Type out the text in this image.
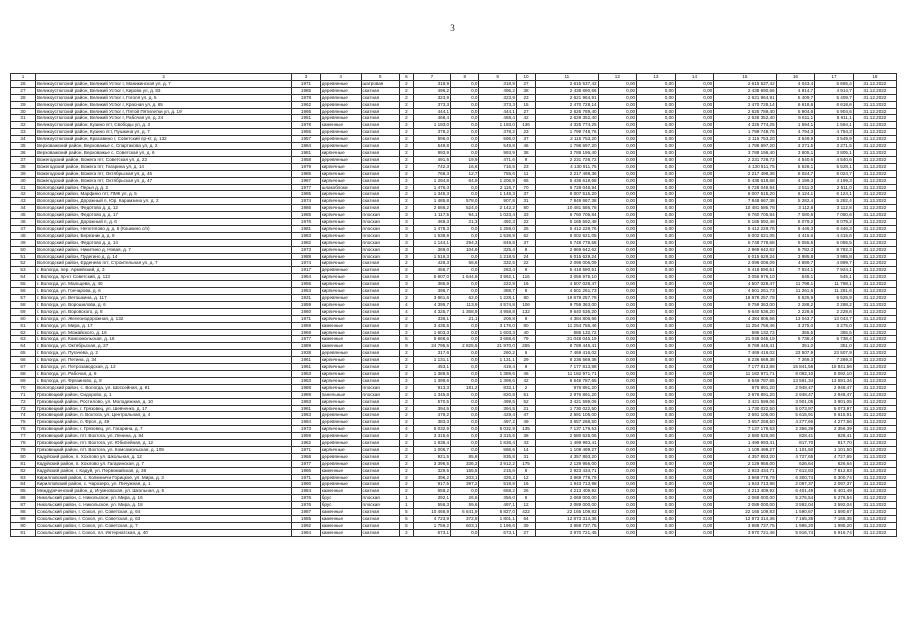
3
1	2	3	4	5	6	7	8	9	10	11	12	13	14	15	16	17	18
26	Великоустюгский район, Великий Устюг г, Маникинская ул, д. 7	1971	деревянные	шатровая	2	318,9	0,0	318,9	27	2 615 537,42	0,00	0,00	0,00	2 615 537,42	4 043,4	5 665,4	31.12.2022
27	Великоустюгский район, Великий Устюг г, Кирова ул, д. 83	1985	деревянные	скатная	2	496,2	0,0	496,2	38	2 438 690,66	0,00	0,00	0,00	2 438 690,66	4 914,7	4 914,7	31.12.2022
28	Великоустюгский район, Великий Устюг г, Гоголя ул, д. 5	1978	деревянные	скатная	2	323,9	0,0	323,9	23	2 621 964,91	0,00	0,00	0,00	2 621 964,91	5 409,7	5 409,7	31.12.2022
29	Великоустюгский район, Великий Устюг г, Красная ул, д. 65	1962	деревянные	скатная	2	373,3	0,0	373,3	15	2 470 728,14	0,00	0,00	0,00	2 470 728,14	6 618,6	6 618,6	31.12.2022
30	Великоустюгский район, Великий Устюг г, Пятой Пятилетки ул, д. 19	1966	деревянные	скатная	2	444,1	0,0	444,1	27	2 625 789,40	0,00	0,00	0,00	2 625 789,40	5 904,6	5 904,6	31.12.2022
31	Великоустюгский район, Великий Устюг г, Рабочая ул, д. 24	1951	деревянные	скатная	2	468,4	0,0	468,4	42	2 628 352,40	0,00	0,00	0,00	2 628 352,40	5 611,1	5 611,1	31.12.2022
32	Великоустюгский район, Кузино пгт, Свободы ул, д. 3	1978	каменные	скатная	2	1 193,0	0,0	1 193,0	136	4 325 774,25	0,00	0,00	0,00	4 325 774,25	1 594,1	1 594,1	31.12.2022
33	Великоустюгский район, Кузино пгт, Пушкина ул, д. 7	1955	деревянные	скатная	2	378,2	0,0	378,2	23	1 799 748,76	0,00	0,00	0,00	1 799 748,76	4 794,3	4 794,3	31.12.2022
34	Великоустюгский район, Красавино г, Советский пр-кт, д. 132	1957	деревянные	скатная	2	596,0	0,0	596,0	37	2 115 753,20	0,00	0,00	0,00	2 115 753,20	3 549,9	3 549,9	31.12.2022
35	Верховажский район, Верховажье с, Спартакова ул, д. 2	1984	деревянные	скатная	2	549,8	0,0	549,8	46	1 798 697,20	0,00	0,00	0,00	1 798 697,20	3 271,5	3 271,5	31.12.2022
36	Верховажский район, Верховажье с, Советская ул, д. 6	1981	кирпичные	скатная	2	993,9	0,0	993,9	38	3 788 196,40	0,00	0,00	0,00	3 788 196,40	3 805,1	3 805,1	31.12.2022
37	Вожегодский район, Вожега пгт, Советская ул, д. 22	1958	деревянные	скатная	2	491,5	19,9	471,6	9	2 231 726,72	0,00	0,00	0,00	2 231 726,72	4 540,6	4 540,6	31.12.2022
38	Вожегодский район, Вожега пгт, Гагарина ул, д. 14	1979	кирпичные	скатная	2	742,3	16,6	716,5	23	4 130 811,75	0,00	0,00	0,00	4 130 811,75	5 528,1	5 528,1	31.12.2022
39	Вожегодский район, Вожега пгт, Октябрьская ул, д. 45	1985	кирпичные	скатная	2	768,3	12,7	755,6	11	2 217 498,36	0,00	0,00	0,00	2 217 498,36	6 024,7	6 024,7	31.12.2022
40	Вожегодский район, Вожега пгт, Октябрьская ул, д. 47	1987	кирпичные	скатная	2	1 294,8	64,9	1 206,9	65	5 436 618,68	0,00	0,00	0,00	5 436 618,68	4 199,3	4 199,3	31.12.2022
41	Вологодский район, Перья д, д. 2	1977	шлакоблоки	скатная	2	1 476,3	0,0	2 116,7	70	6 728 048,94	0,00	0,00	0,00	6 728 048,94	2 511,0	2 511,0	31.12.2022
42	Вологодский район, Марфино пгт, ПМК ул, д. 5	1985	кирпичные	скатная	2	1 345,3	0,0	1 148,3	37	8 007 515,20	0,00	0,00	0,00	8 007 515,20	6 124,1	6 124,1	31.12.2022
43	Вологодский район, Дорожный п, Юр. Карамзина ул, д. 2	1974	кирпичные	скатная	2	1 485,8	578,0	907,8	31	7 848 667,38	0,00	0,00	0,00	7 848 667,38	5 282,4	5 282,4	31.12.2022
44	Вологодский район, Федотово д, д. 12	1986	кирпичные	скатная	2	2 566,2	524,0	2 142,2	80	10 481 586,78	0,00	0,00	0,00	10 481 586,78	3 112,8	3 112,8	31.12.2022
45	Вологодский район, Федотово д, д. 17	1985	кирпичные	плоская	3	1 117,5	94,1	1 023,4	33	6 760 705,84	0,00	0,00	0,00	6 760 705,84	7 080,6	7 080,6	31.12.2022
46	Вологодский район, Дорожный п, д. 6	1976	кирпичные	плоская	3	469,3	21,3	492,3	22	5 165 592,48	0,00	0,00	0,00	5 165 592,48	6 079,2	6 079,2	31.12.2022
47	Вологодский район, Непотягово д, д. 6 (Кошкино с/п)	1981	кирпичные	плоская	3	1 478,3	0,0	1 259,0	25	5 412 229,76	0,00	0,00	0,00	5 412 229,76	6 446,3	6 446,3	31.12.2022
48	Вологодский район, Березник д, д. 9	1983	кирпичные	плоская	3	1 538,9	0,0	1 538,9	62	6 002 621,05	0,00	0,00	0,00	6 002 621,05	4 415,6	4 415,6	31.12.2022
49	Вологодский район, Федотово д, д. 14	1982	кирпичные	плоская	3	1 144,1	294,3	849,8	37	5 748 778,68	0,00	0,00	0,00	5 748 778,68	5 055,5	5 055,5	31.12.2022
50	Вологодский район, Никитино д, Новая, д. 7	1973	кирпичные	плоская	3	369,0	104,6	325,4	8	2 969 642,62	0,00	0,00	0,00	2 969 642,62	8 782,3	8 782,3	31.12.2022
51	Вологодский район, Пудегино д, д. 14	1988	кирпичные	плоская	3	1 516,3	0,0	1 218,5	24	6 015 629,24	0,00	0,00	0,00	6 015 629,24	3 985,8	3 985,8	31.12.2022
52	Вологодский район, Ерденево пгт, Строительная ул, д. 7	1974	кирпичные	скатная	2	428,3	56,6	332,5	22	2 098 006,09	0,00	0,00	0,00	2 098 006,09	4 899,7	4 899,7	31.12.2022
53	г. Вологда, пер. Армейский, д. 3	1917	деревянные	скатная	2	456,7	0,0	263,4	6	5 418 590,51	0,00	0,00	0,00	5 418 590,51	7 924,1	7 924,1	31.12.2022
54	г. Вологда, пр-кт Советский, д. 113	1954	кирпичные	скатная	3	5 607,0	1 644,8	3 962,1	116	3 056 976,10	0,00	0,00	0,00	3 056 976,10	545,1	545,1	31.12.2022
55	г. Вологда, ул. Мальцева, д. 40	1955	кирпичные	скатная	3	385,9	0,0	222,9	16	4 507 028,47	0,00	0,00	0,00	4 507 028,47	11 798,1	11 798,1	31.12.2022
56	г. Вологда, ул. Гончарова, д. 6	1953	кирпичные	скатная	2	396,7	0,0	388,7	8	4 501 261,73	0,00	0,00	0,00	4 501 261,73	11 261,6	11 261,6	31.12.2022
57	г. Вологда, ул. Ветошкина, д. 117	1931	деревянные	скатная	2	3 861,6	62,0	1 228,1	80	19 879 257,78	0,00	0,00	0,00	19 879 257,78	6 525,9	6 525,9	31.12.2022
58	г. Вологда, ул. Ворошилова, д. 6	1959	кирпичные	скатная	4	4 395,7	113,9	4 574,8	106	9 759 363,00	0,00	0,00	0,00	9 759 363,00	2 288,2	2 288,2	31.12.2022
59	г. Вологда, ул. Воровского, д. 8	1960	кирпичные	скатная	4	4 325,7	1 368,9	4 958,8	132	9 640 536,20	0,00	0,00	0,00	9 640 536,20	2 228,6	2 228,6	31.12.2022
60	г. Вологда, ул. Железнодорожная, д. 132	1971	кирпичные	скатная	2	336,1	21,1	206,8	8	4 384 806,66	0,00	0,00	0,00	4 384 806,66	13 043,7	13 043,7	31.12.2022
61	г. Вологда, ул. Мира, д. 17	1959	каменные	скатная	2	3 435,5	0,0	3 176,0	80	11 254 756,46	0,00	0,00	0,00	11 254 756,46	3 275,0	3 275,0	31.12.2022
62	г. Вологда, ул. Можайского, д. 16	1969	кирпичные	скатная	2	1 603,3	0,0	1 603,3	40	586 132,72	0,00	0,00	0,00	586 132,72	365,5	365,5	31.12.2022
63	г. Вологда, ул. Комсомольская, д. 16	1977	каменные	скатная	5	5 668,6	0,0	3 668,6	79	21 048 045,19	0,00	0,00	0,00	21 048 045,19	5 738,4	5 738,4	31.12.2022
64	г. Вологда, ул. Октябрьская, д. 27	1989	каменные	скатная	9	24 795,5	2 825,5	21 970,0	255	8 789 445,41	0,00	0,00	0,00	8 789 445,41	351,0	351,0	31.12.2022
65	г. Вологда, ул. Пугачева, д. 2	1938	деревянные	скатная	2	317,6	0,0	260,2	6	7 469 416,02	0,00	0,00	0,00	7 469 416,02	23 507,9	23 507,9	31.12.2022
66	г. Вологда, ул. Петина, д. 34	1961	кирпичные	скатная	2	1 131,1	0,0	1 131,1	29	8 236 569,38	0,00	0,00	0,00	8 236 569,38	7 269,3	7 269,3	31.12.2022
67	г. Вологда, ул. Петрозаводская, д. 12	1961	кирпичные	скатная	2	453,1	0,0	419,4	8	7 177 813,88	0,00	0,00	0,00	7 177 813,88	15 841,56	15 841,56	31.12.2022
68	г. Вологда, ул. Рабочая, д. 9	1953	кирпичные	скатная	2	1 389,5	0,0	1 389,5	46	11 182 971,71	0,00	0,00	0,00	11 182 971,71	8 092,10	8 092,10	31.12.2022
69	г. Вологда, ул. Фрязиново, д. 8	1953	кирпичные	скатная	2	1 399,6	0,0	1 399,6	42	6 549 787,65	0,00	0,00	0,00	6 549 787,65	13 591,34	13 591,34	31.12.2022
70	Вологодский район, с. Вологда, ул. Шоссейная, д. 91	1988	кирпичные	плоская	2	913,3	181,2	832,1	2	976 891,20	0,00	0,00	0,00	976 891,20	2 948,47	2 948,47	31.12.2022
71	Грязовецкий район, Сидорово, д. 1	1989	панельные	плоская	2	1 345,8	0,0	820,8	61	2 976 891,20	0,00	0,00	0,00	2 976 891,20	2 948,47	2 948,47	31.12.2022
72	Грязовецкий район, Ростилово, ул. Молодежная, д. 10	1983	кирпичные	скатная	2	570,5	0,0	499,5	52	3 421 599,06	0,00	0,00	0,00	3 421 599,06	3 901,05	3 901,05	31.12.2022
73	Грязовецкий район, г. Грязовец, ул. Шевченко, д. 17	1961	кирпичные	скатная	2	394,5	0,0	394,5	21	1 730 022,50	0,00	0,00	0,00	1 730 022,50	5 073,97	5 073,97	31.12.2022
74	Грязовецкий район, п. Вохтога, ул. Центральная, д. 4	1963	деревянные	скатная	2	479,2	0,0	429,4	47	2 691 105,00	0,00	0,00	0,00	2 691 105,00	5 615,91	5 615,91	31.12.2022
75	Грязовецкий район, п. Фрол, д. 49	1984	деревянные	скатная	2	383,3	0,0	497,2	49	3 657 268,50	0,00	0,00	0,00	3 657 268,50	4 277,66	4 277,66	31.12.2022
76	Грязовецкий район, г. Грязовец, ул. Гагарина, д. 7	1973	кирпичные	скатная	4	5 032,9	0,0	5 032,9	135	7 137 179,53	0,00	0,00	0,00	7 137 179,53	2 356,39	2 356,39	31.12.2022
77	Грязовецкий район, пгт. Вохтога, ул. Ленина, д. 84	1959	деревянные	скатная	2	3 315,6	0,0	3 315,6	38	2 580 625,06	0,00	0,00	0,00	2 580 625,06	828,41	828,41	31.12.2022
78	Грязовецкий район, пгт. Вохтога, ул. Юбилейная, д. 12	1962	деревянные	скатная	2	1 836,4	0,0	1 836,4	43	1 499 993,41	0,00	0,00	0,00	1 499 993,41	817,70	817,70	31.12.2022
79	Грязовецкий район, пгт. Вохтога, ул. Комсомольская, д. 109	1971	кирпичные	скатная	2	1 006,7	0,0	586,6	14	1 108 499,27	0,00	0,00	0,00	1 108 499,27	1 101,50	1 101,50	31.12.2022
80	Кадуйский район, п. Хохлово ул. Школьная, д. 12	1968	деревянные	скатная	2	921,5	85,8	835,8	31	4 357 893,20	0,00	0,00	0,00	4 357 893,20	4 727,65	4 727,65	31.12.2022
81	Кадуйский район, п. Хохлово ул. Гагаринская, д. 7	1977	деревянные	скатная	2	3 396,5	336,3	3 912,2	175	2 129 956,00	0,00	0,00	0,00	2 129 956,00	626,64	626,64	31.12.2022
82	Кадуйский район, г. Кадуй, ул. Первомайская, д. 36	1966	каменные	скатная	2	329,5	155,5	215,6	8	2 923 434,71	0,00	0,00	0,00	2 923 434,71	7 612,83	7 612,83	31.12.2022
83	Кирилловский район, с. Колкиничи Горицкое, ул. Мира, д. 3	1971	деревянные	скатная	2	396,2	203,1	326,2	12	3 969 778,79	0,00	0,00	0,00	3 969 778,79	6 300,74	6 300,74	31.12.2022
84	Кирилловский район, с. Чарозеро, ул. Пичужная, д. 1	1960	деревянные	скатная	2	917,5	397,2	519,8	16	1 943 713,98	0,00	0,00	0,00	1 943 713,98	2 097,37	2 097,37	31.12.2022
85	Междуреченский район, д. Игумновская, ул. Школьная, д. 5	1984	каменные	скатная	2	658,2	0,0	658,2	26	4 213 409,92	0,00	0,00	0,00	4 213 409,92	6 401,49	6 401,49	31.12.2022
86	Никольский район, с. Никольское, ул. Мира, д. 16	1976	брус	плоская	1	392,1	26,5	356,0	8	2 069 000,00	0,00	0,00	0,00	2 069 000,00	5 276,54	5 276,54	31.12.2022
87	Никольский район, с. Никольское, ул. Мира, д. 18	1976	брус	плоская	1	556,3	59,6	497,1	12	2 089 000,00	0,00	0,00	0,00	2 089 000,00	3 592,04	3 592,04	31.12.2022
88	Сокольский район, г. Сокол, ул. Советская, д. 64	1987	каменные	скатная	5	10 468,9	6 641,9	5 827,0	422	22 165 109,83	0,00	0,00	0,00	22 165 109,83	1 590,67	1 590,67	31.12.2022
89	Сокольский район, г. Сокол, ул. Советская, д. 63	1985	каменные	скатная	5	4 723,9	372,8	1 801,1	64	12 873 314,36	0,00	0,00	0,00	12 873 314,36	7 165,35	7 165,35	31.12.2022
90	Сокольский район, г. Сокол, ул. Советская, д. 7	1992	каменные	скатная	5	1 759,2	603,1	1 195,6	39	3 988 737,75	0,00	0,00	0,00	3 988 737,75	1 995,20	1 995,20	31.12.2022
91	Сокольский район, г. Сокол, пл. Интернатская, д. 40	1984	каменные	скатная	2	673,1	0,0	673,1	27	3 970 721,46	0,00	0,00	0,00	3 970 721,46	5 916,74	5 916,74	31.12.2022
